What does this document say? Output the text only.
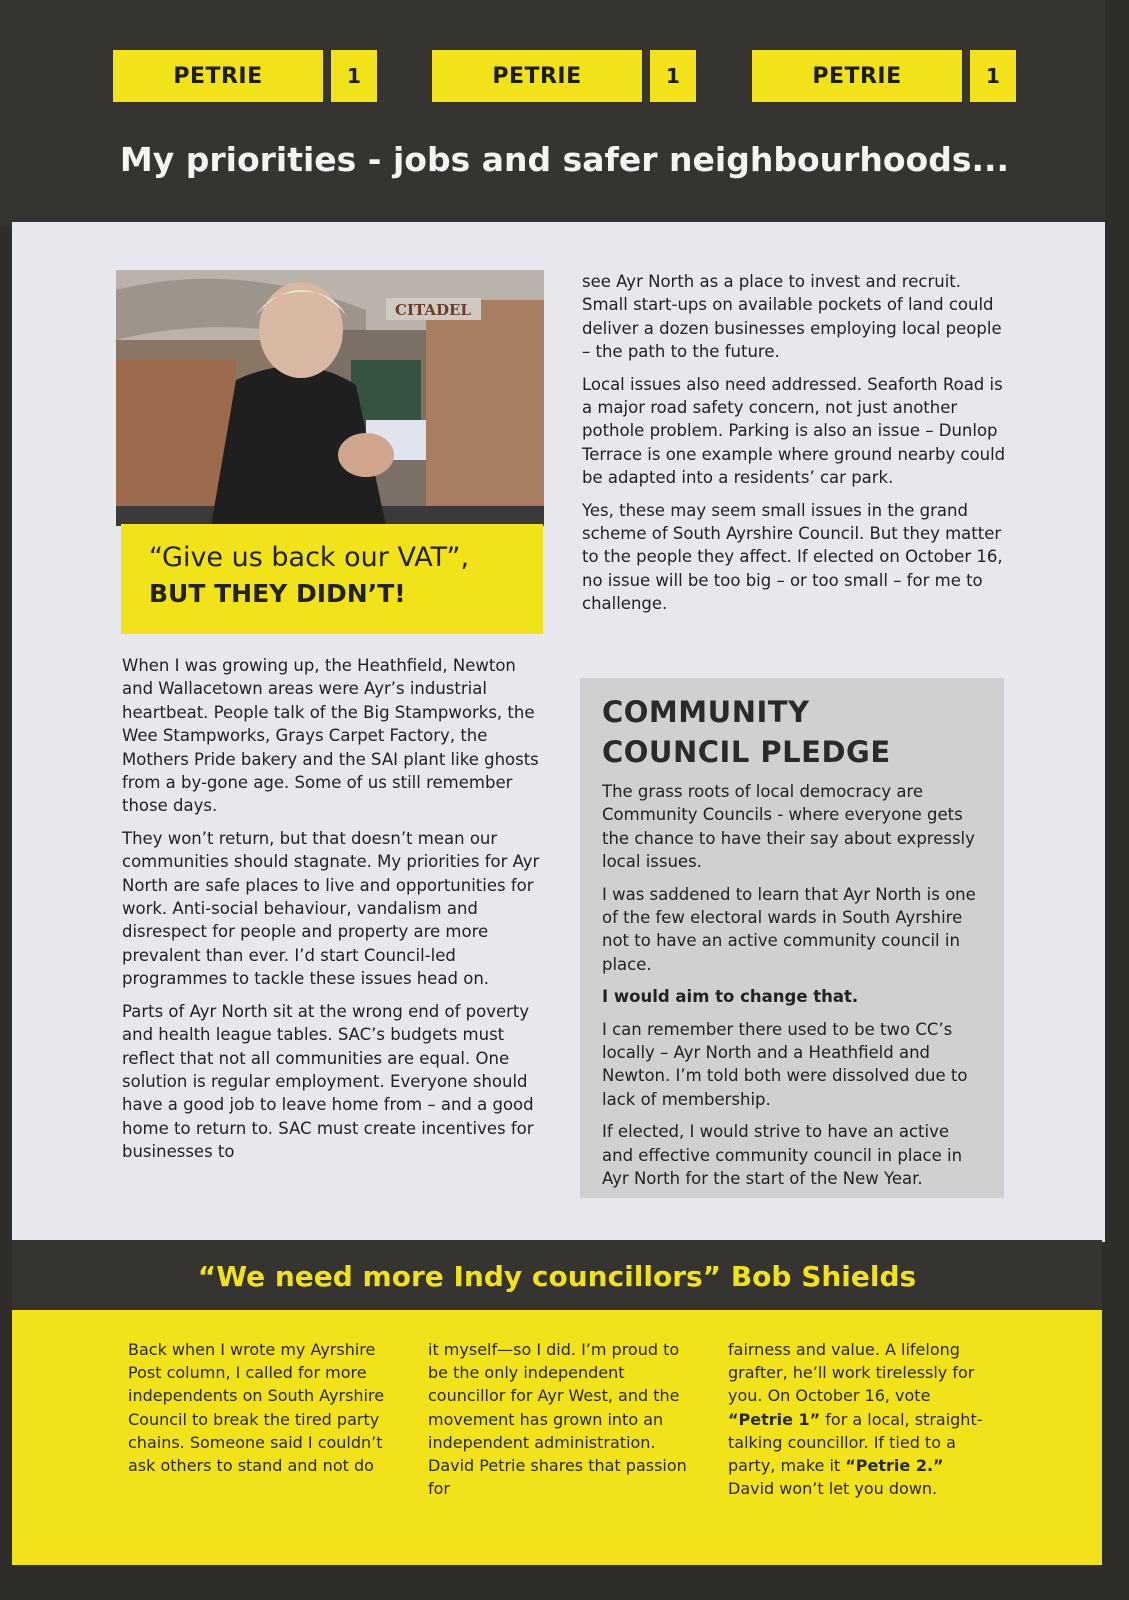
PETRIE	1	PETRIE	1	PETRIE	1
My priorities - jobs and safer neighbourhoods...
CITADEL
“Give us back our VAT”,
BUT THEY DIDN’T!

When I was growing up, the Heathfield, Newton and Wallacetown areas were Ayr’s industrial heartbeat. People talk of the Big Stampworks, the Wee Stampworks, Grays Carpet Factory, the Mothers Pride bakery and the SAI plant like ghosts from a by-gone age. Some of us still remember those days.

They won’t return, but that doesn’t mean our communities should stagnate. My priorities for Ayr North are safe places to live and opportunities for work. Anti-social behaviour, vandalism and disrespect for people and property are more prevalent than ever. I’d start Council-led programmes to tackle these issues head on.

Parts of Ayr North sit at the wrong end of poverty and health league tables. SAC’s budgets must reflect that not all communities are equal. One solution is regular employment. Everyone should have a good job to leave home from – and a good home to return to. SAC must create incentives for businesses to

see Ayr North as a place to invest and recruit. Small start-ups on available pockets of land could deliver a dozen businesses employing local people – the path to the future.

Local issues also need addressed. Seaforth Road is a major road safety concern, not just another pothole problem. Parking is also an issue – Dunlop Terrace is one example where ground nearby could be adapted into a residents’ car park.

Yes, these may seem small issues in the grand scheme of South Ayrshire Council. But they matter to the people they affect. If elected on October 16, no issue will be too big – or too small – for me to challenge.

COMMUNITY
COUNCIL PLEDGE

The grass roots of local democracy are Community Councils - where everyone gets the chance to have their say about expressly local issues.

I was saddened to learn that Ayr North is one of the few electoral wards in South Ayrshire not to have an active community council in place.

I would aim to change that.

I can remember there used to be two CC’s locally – Ayr North and a Heathfield and Newton. I’m told both were dissolved due to lack of membership.

If elected, I would strive to have an active and effective community council in place in Ayr North for the start of the New Year.

“We need more Indy councillors” Bob Shields
Back when I wrote my Ayrshire Post column, I called for more independents on South Ayrshire Council to break the tired party chains. Someone said I couldn’t ask others to stand and not do
it myself—so I did. I’m proud to be the only independent councillor for Ayr West, and the movement has grown into an independent administration. David Petrie shares that passion for
fairness and value. A lifelong grafter, he’ll work tirelessly for you. On October 16, vote “Petrie 1” for a local, straight-talking councillor. If tied to a party, make it “Petrie 2.” David won’t let you down.
